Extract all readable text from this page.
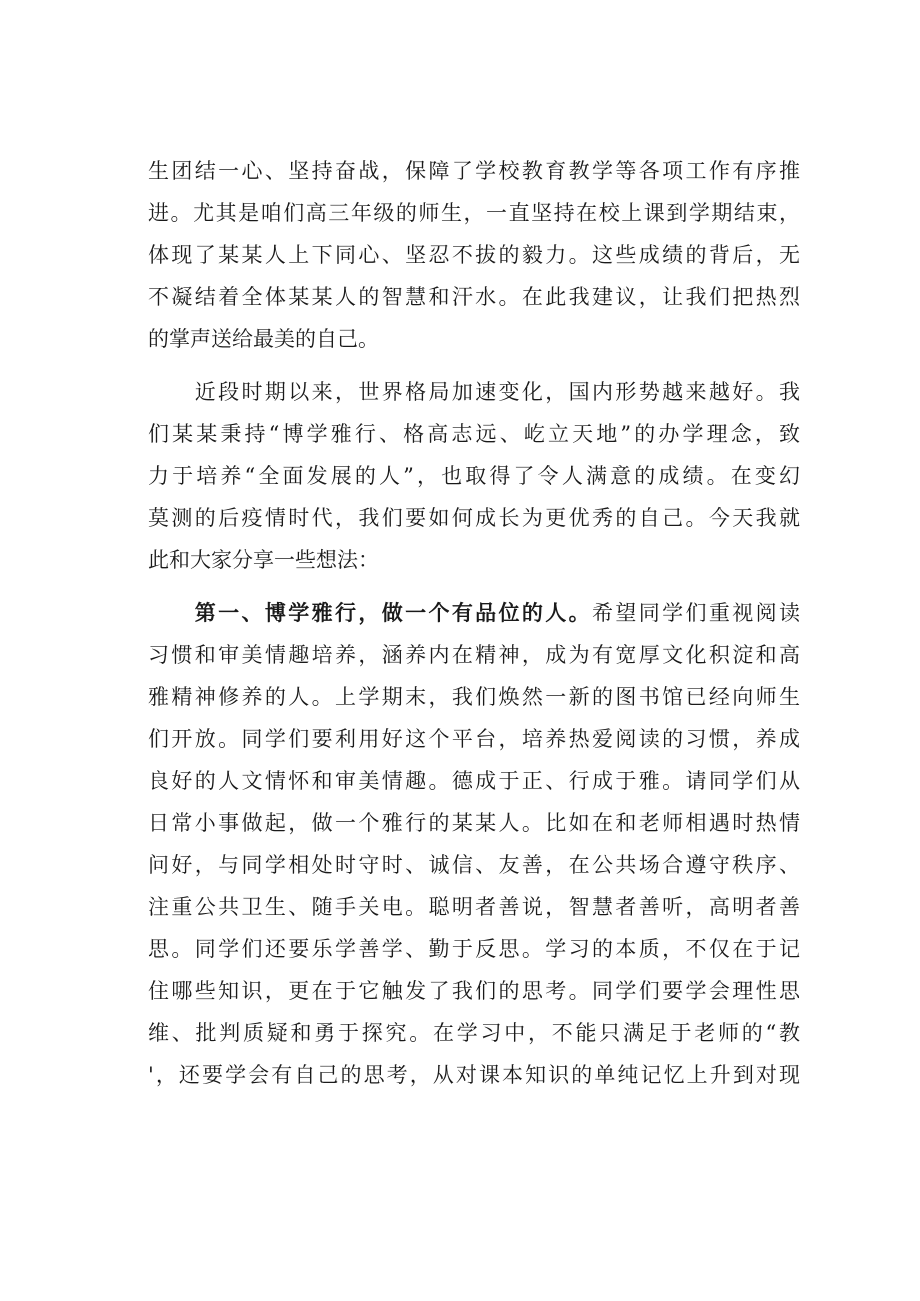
生团结一心、坚持奋战，保障了学校教育教学等各项工作有序推
进。尤其是咱们高三年级的师生，一直坚持在校上课到学期结束，
体现了某某人上下同心、坚忍不拔的毅力。这些成绩的背后，无
不凝结着全体某某人的智慧和汗水。在此我建议，让我们把热烈
的掌声送给最美的自己。
　　近段时期以来，世界格局加速变化，国内形势越来越好。我
们某某秉持“博学雅行、格高志远、屹立天地”的办学理念，致
力于培养“全面发展的人”，也取得了令人满意的成绩。在变幻
莫测的后疫情时代，我们要如何成长为更优秀的自己。今天我就
此和大家分享一些想法：
　　第一、博学雅行，做一个有品位的人。希望同学们重视阅读
习惯和审美情趣培养，涵养内在精神，成为有宽厚文化积淀和高
雅精神修养的人。上学期末，我们焕然一新的图书馆已经向师生
们开放。同学们要利用好这个平台，培养热爱阅读的习惯，养成
良好的人文情怀和审美情趣。德成于正、行成于雅。请同学们从
日常小事做起，做一个雅行的某某人。比如在和老师相遇时热情
问好，与同学相处时守时、诚信、友善，在公共场合遵守秩序、
注重公共卫生、随手关电。聪明者善说，智慧者善听，高明者善
思。同学们还要乐学善学、勤于反思。学习的本质，不仅在于记
住哪些知识，更在于它触发了我们的思考。同学们要学会理性思
维、批判质疑和勇于探究。在学习中，不能只满足于老师的“教
'，还要学会有自己的思考，从对课本知识的单纯记忆上升到对现
